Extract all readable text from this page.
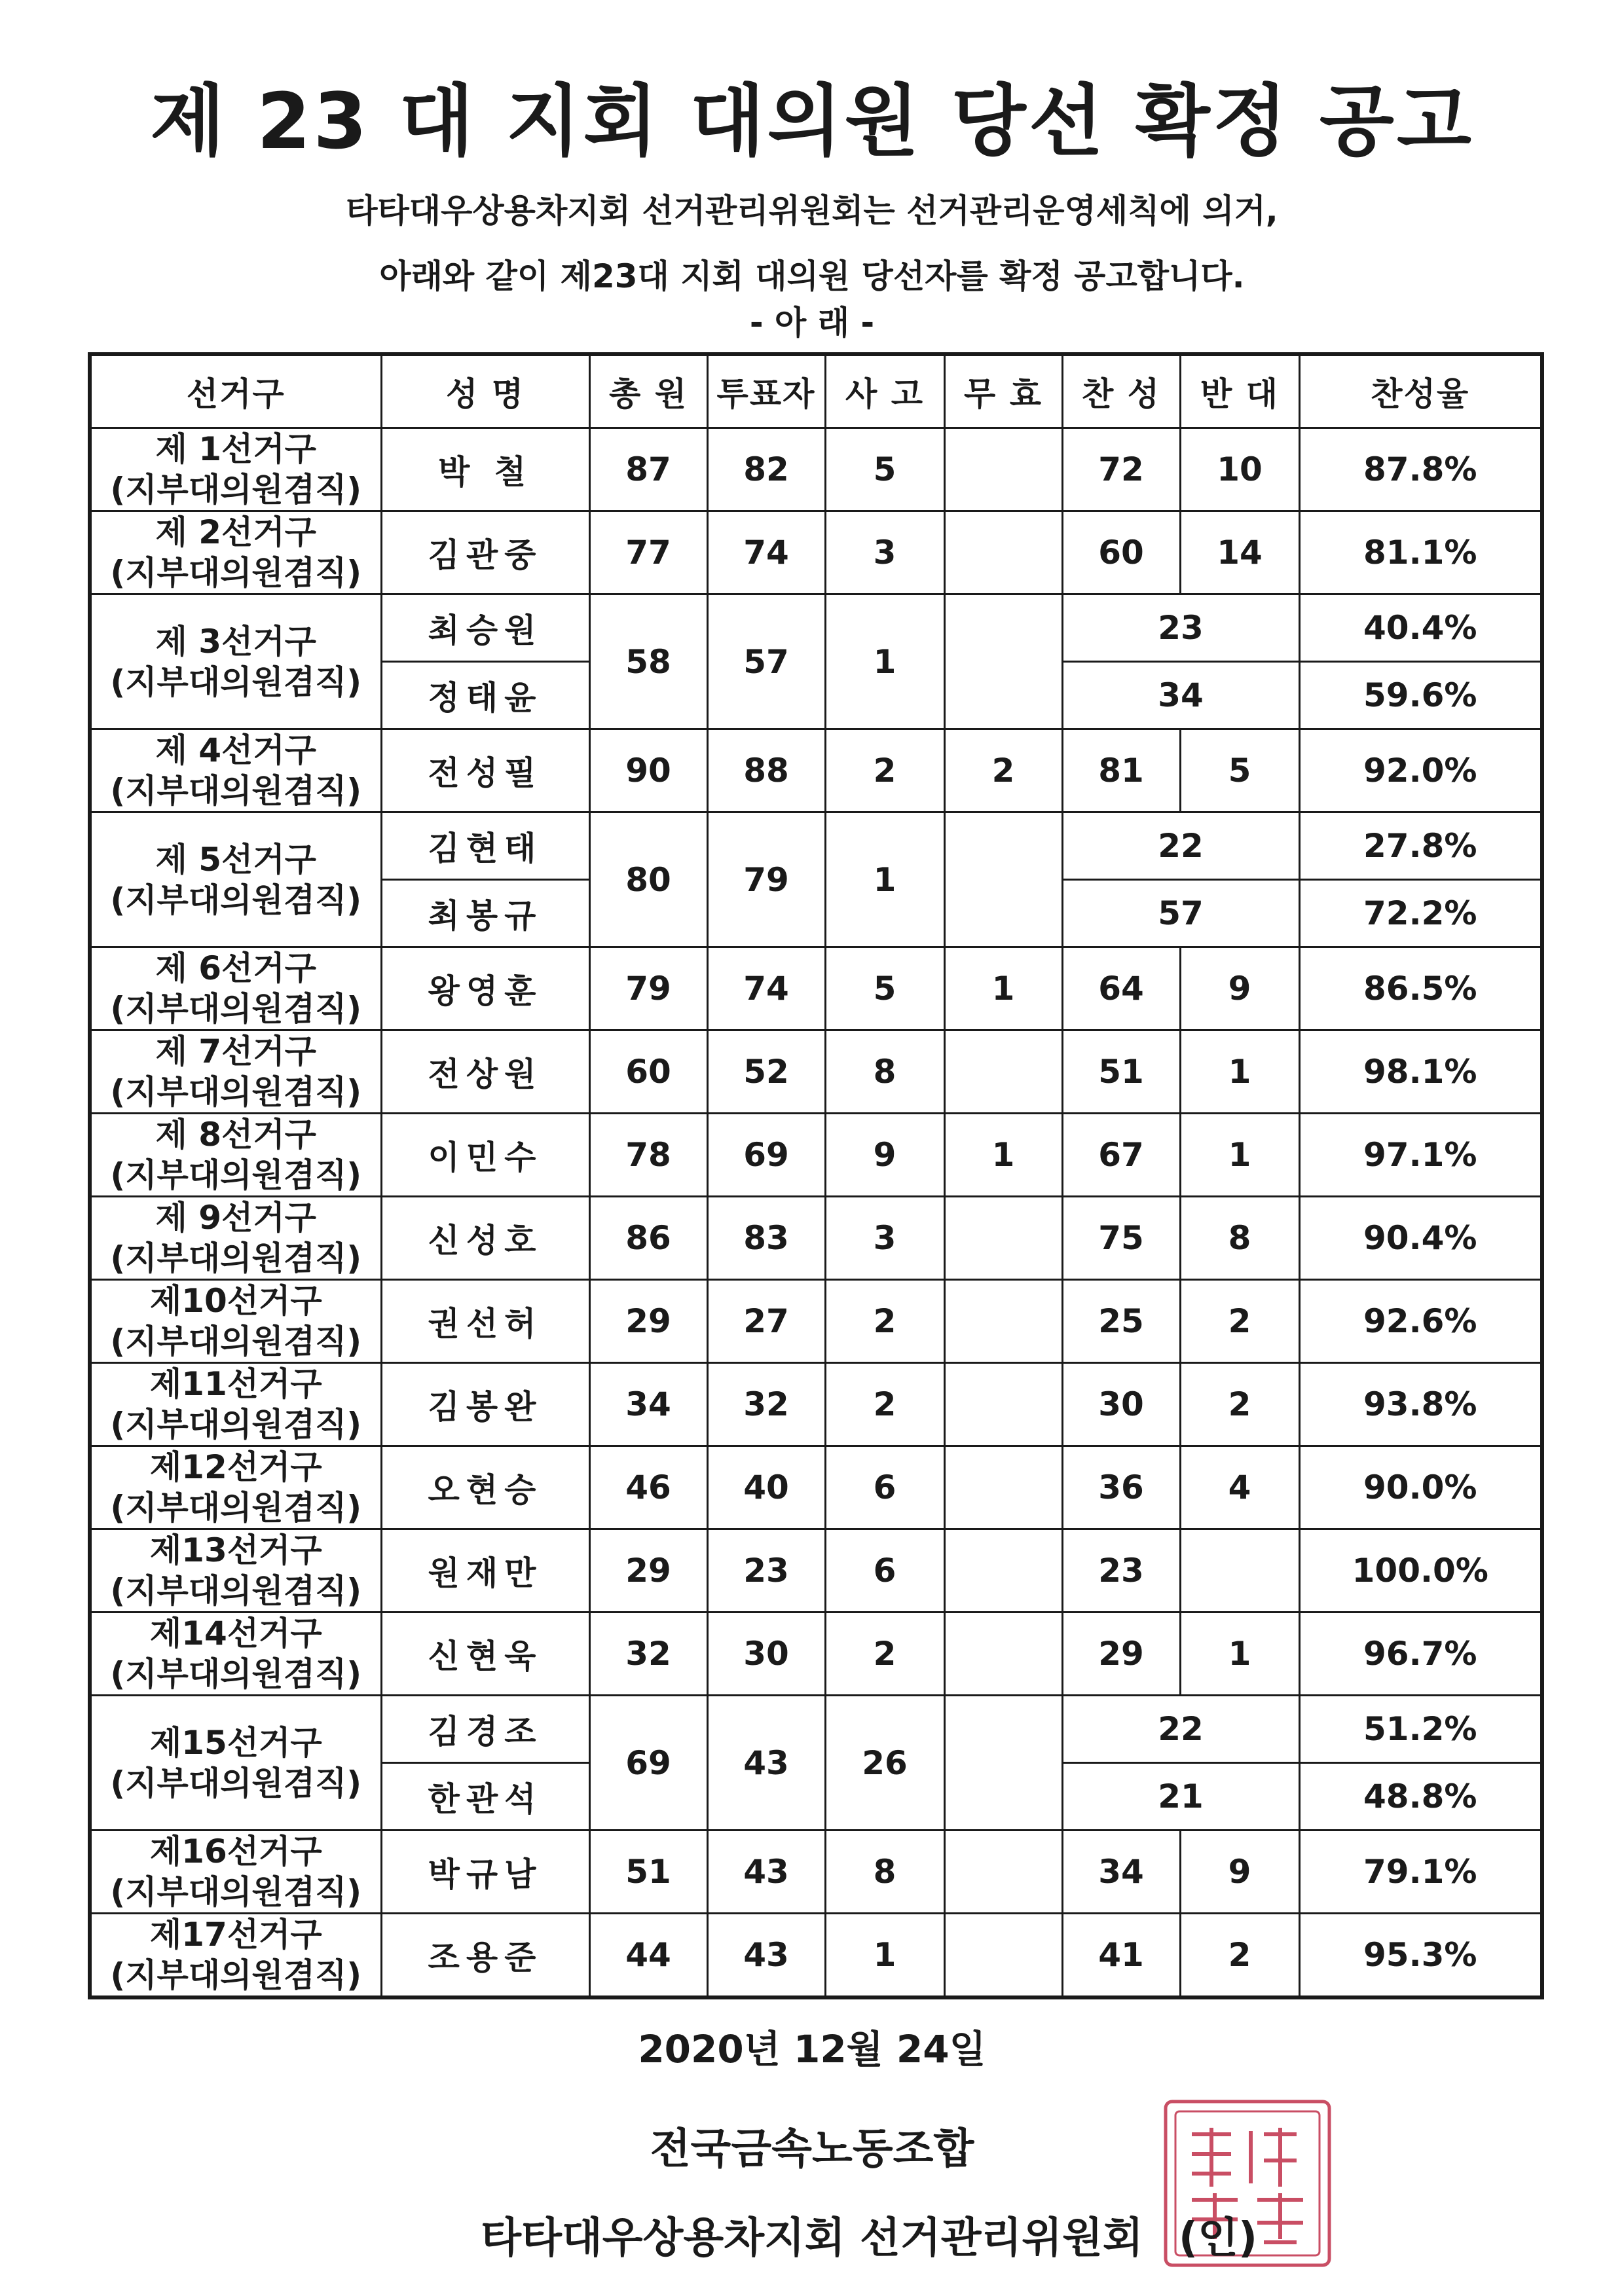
제 23 대 지회 대의원 당선 확정 공고
타타대우상용차지회 선거관리위원회는 선거관리운영세칙에 의거,
아래와 같이 제23대 지회 대의원 당선자를 확정 공고합니다.
- 아 래 -
선거구	성 명	총 원	투표자	사 고	무 효	찬 성	반 대	찬성율

제 1선거구
(지부대의원겸직)	박 철	87	82	5		72	10	87.8%

제 2선거구
(지부대의원겸직)	김관중	77	74	3		60	14	81.1%

제 3선거구
(지부대의원겸직)	최승원	58	57	1		23		40.4%
	정태윤					34		59.6%

제 4선거구
(지부대의원겸직)	전성필	90	88	2	2	81	5	92.0%

제 5선거구
(지부대의원겸직)	김현태	80	79	1		22		27.8%
	최봉규					57		72.2%

제 6선거구
(지부대의원겸직)	왕영훈	79	74	5	1	64	9	86.5%

제 7선거구
(지부대의원겸직)	전상원	60	52	8		51	1	98.1%

제 8선거구
(지부대의원겸직)	이민수	78	69	9	1	67	1	97.1%

제 9선거구
(지부대의원겸직)	신성호	86	83	3		75	8	90.4%

제10선거구
(지부대의원겸직)	권선허	29	27	2		25	2	92.6%

제11선거구
(지부대의원겸직)	김봉완	34	32	2		30	2	93.8%

제12선거구
(지부대의원겸직)	오현승	46	40	6		36	4	90.0%

제13선거구
(지부대의원겸직)	원재만	29	23	6		23		100.0%

제14선거구
(지부대의원겸직)	신현욱	32	30	2		29	1	96.7%

제15선거구
(지부대의원겸직)	김경조	69	43	26		22		51.2%
	한관석					21		48.8%

제16선거구
(지부대의원겸직)	박규남	51	43	8		34	9	79.1%

제17선거구
(지부대의원겸직)	조용준	44	43	1		41	2	95.3%
2020년 12월 24일
전국금속노동조합
타타대우상용차지회 선거관리위원회 (인)
